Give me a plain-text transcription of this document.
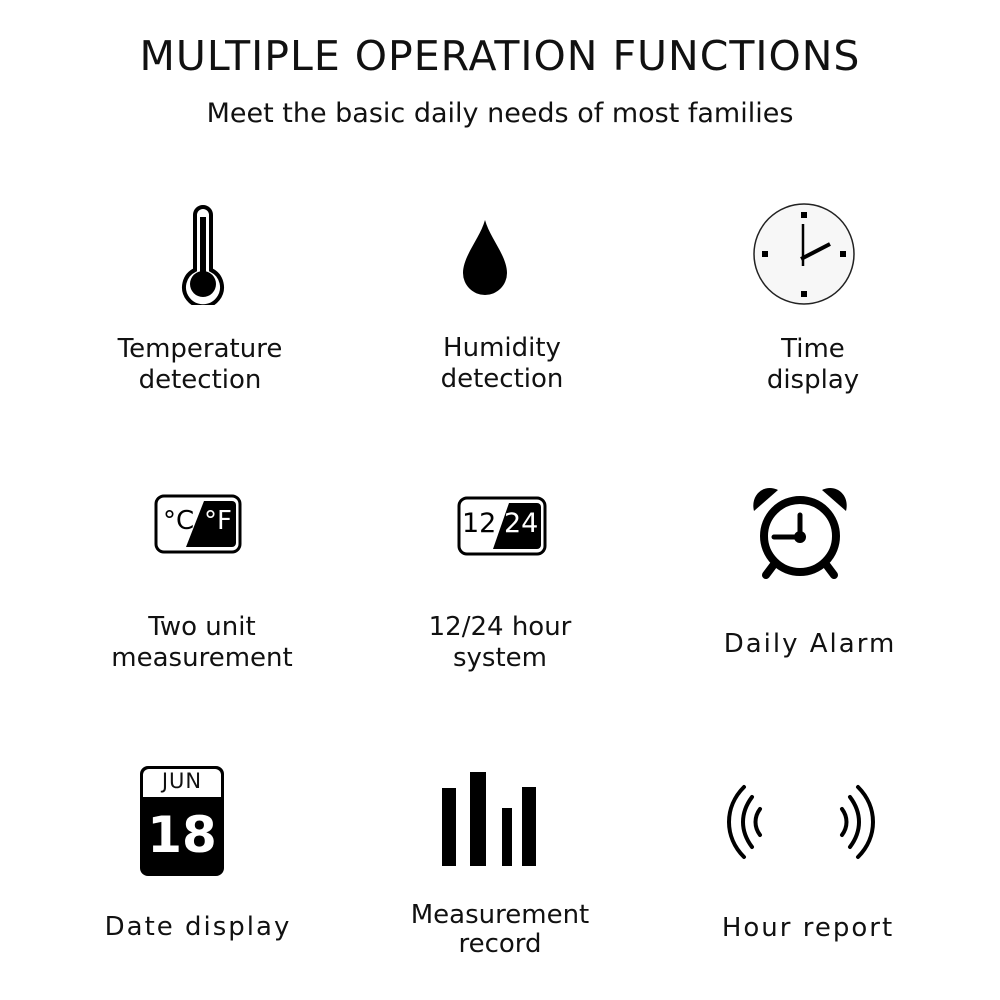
MULTIPLE OPERATION FUNCTIONS
Meet the basic daily needs of most families
Temperature
detection
Humidity
detection
Time
display
°C °F
Two unit
measurement
12 24
12/24 hour
system	Daily Alarm
JUN
18
Date display	Measurement
record
Hour report
